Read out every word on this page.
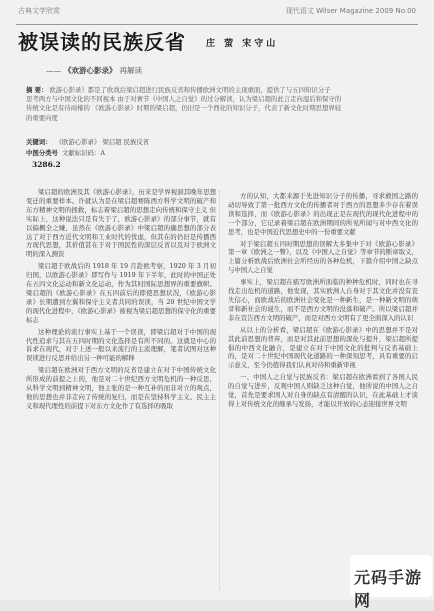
古典文学欣赏	现代语文 Wilser Magazine 2009 No.00
被误读的民族反省 庄 萤 宋守山
—— 《欢游心影录》 再解读
摘 要： 欧游心影录》都是了欧战后梁启超进行民族反省和传播欧洲文明的主现重面，提供了与五四知识分子
思考两方与中国文化的不同视本 由于对奢节《中国人之自觉》的过分解读，认为梁启超的此言走向湿后和保守的
传统文化是有待商榷的 《欧游心影录》时期的梁启超，仍旧是一个西化的知识分子，代表了新文化时期思想界较
的重要向度
关键词： 《欧游心影录》 梁启超 民族反省
中图分类号 文献标识码：A
3286.2

梁启超的欧洲及其《欧游心影录》，历来是学界视洞其晚年思想变迁的重要样本。许就认为是在梁启超赛陈西方科学文明的破产和东方精神文明的拯救，标志着梁启超的思想走向传统和保守主义 但实际上，这种说法只是有失于了，欧游心影录》的部分事节，就有以偏概全之嫌，虽然在《欧游心影录》中梁启超的确思想的部分表达了对于西方近代文明和工业时代的忧虑，但其在的仍旧是传播西方现代思想，其价值甚在于对于国民性的深层反省以及对于欧洲文明的深入测资

梁启超于欧战后的 1918 年 19 月赴欧考察，1920 年 3 月初归国，以欧游心影录》即写作与 1919 年下半年，此时的中国正处在五四文化运动和新文化运动，作为其时国际思想界的重要旗帜。梁启超的《欧游心影录》在五四前后的即使思想状况，《欧游心影录》长期遭到左翼和保守主义者共同的误读，当 20 世纪中国文学的现代化进程中，《欧游心影录》被视为梁启超思想的保守化的重要标志

这种理论的流行事实上基于一个误读，即梁启超对于中国的现代性追求与其在五四时期的文化选择是有所不同的。这就是中心的诉求在现代，对于上述一般以来流行的主流理解，笔者试图对这种误读进行反思并给出另一种可能的解释

梁启超在欧洲对于西方文明的反省是建立在对于中国传统文化所形成的前提之上的，他是对二十世纪西方文明危机的一种反思，从科学文明到精神文明，他主张的是一种互补的而非对立的观点，他的思想也并非走向了传统的复归，而是在坚持科学主义、民主主义和现代理性的前提下对东方文化作了有选择的吸取

方的认知，大都来源于先进知识分子的传播，寻求救国之路的动切导致了第一批西方文化的传播者对于西方的思想多少存在着误读和选择，而《欧游心影录》的出现正是在现代的现代化进程中的一个部分，它记录着梁启超在欧洲期间的所见所闻与对中西文化的思考，也是中国近代思想史中的一份重要文献

对于梁启超五四时期思想的误解大多集中于对《欧游心影录》第一章《欧洲之一瞥》，以及《中国人之自觉》等章节的断章取义，上篇分析欧战后欧洲社会所经历的各种危机，下篇介绍中国之缺点与中国人之自觉

事实上，梁启超在描写欧洲所面临的种种危机时，同时也在寻找走出危机的道路，他发现，其实欧洲人自身对于其文化并没有丧失信心，而欧战后的欧洲社会变化是一种新生，是一种新文明的萌芽和新社会的诞生，而不是西方文明的没落和破产。所以梁启超并非在宣告西方文明的破产，而是对西方文明有了更全面深入的认识

从以上的分析看，梁启超在《欧游心影录》中的思想并不是对其此前思想的背弃，而是对其此前思想的深化与提升，梁启超所提倡的中西文化融合，是建立在对于中国文化的批判与反省基础上的，是对二十世纪中国现代化道路的一种深刻思考，具有重要的启示意义，至今仍值得我们认真对待和重新审视

一、中国人之自觉与民族反省：梁启超在欧洲看到了各国人民的自觉与进步，反观中国人则缺乏这种自觉，他所说的中国人之自觉，首先是要求国人对自身的缺点有清醒的认识，在此基础上才谈得上对传统文化的继承与发扬，才能以开放的心态迎接世界文明

元码手游网
